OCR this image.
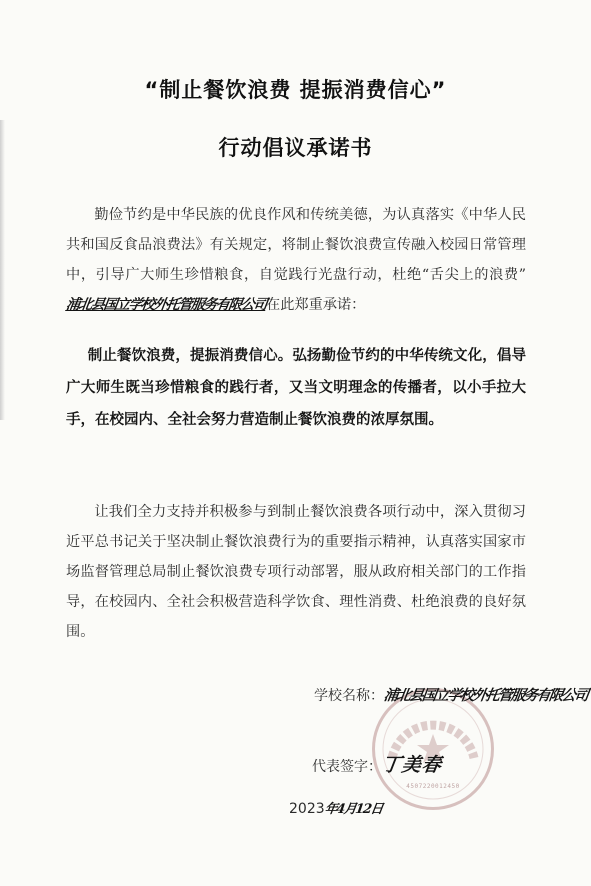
“制止餐饮浪费 提振消费信心”
行动倡议承诺书

勤俭节约是中华民族的优良作风和传统美德，为认真落实《中华人民共和国反食品浪费法》有关规定，将制止餐饮浪费宣传融入校园日常管理中，引导广大师生珍惜粮食，自觉践行光盘行动，杜绝“舌尖上的浪费”浦北县国立学校外托管服务有限公司在此郑重承诺：

制止餐饮浪费，提振消费信心。弘扬勤俭节约的中华传统文化，倡导广大师生既当珍惜粮食的践行者，又当文明理念的传播者，以小手拉大手，在校园内、全社会努力营造制止餐饮浪费的浓厚氛围。

让我们全力支持并积极参与到制止餐饮浪费各项行动中，深入贯彻习近平总书记关于坚决制止餐饮浪费行为的重要指示精神，认真落实国家市场监督管理总局制止餐饮浪费专项行动部署，服从政府相关部门的工作指导，在校园内、全社会积极营造科学饮食、理性消费、杜绝浪费的良好氛围。

4507220012450
学校名称：浦北县国立学校外托管服务有限公司
代表签字：丁美春
2023年4月12日
